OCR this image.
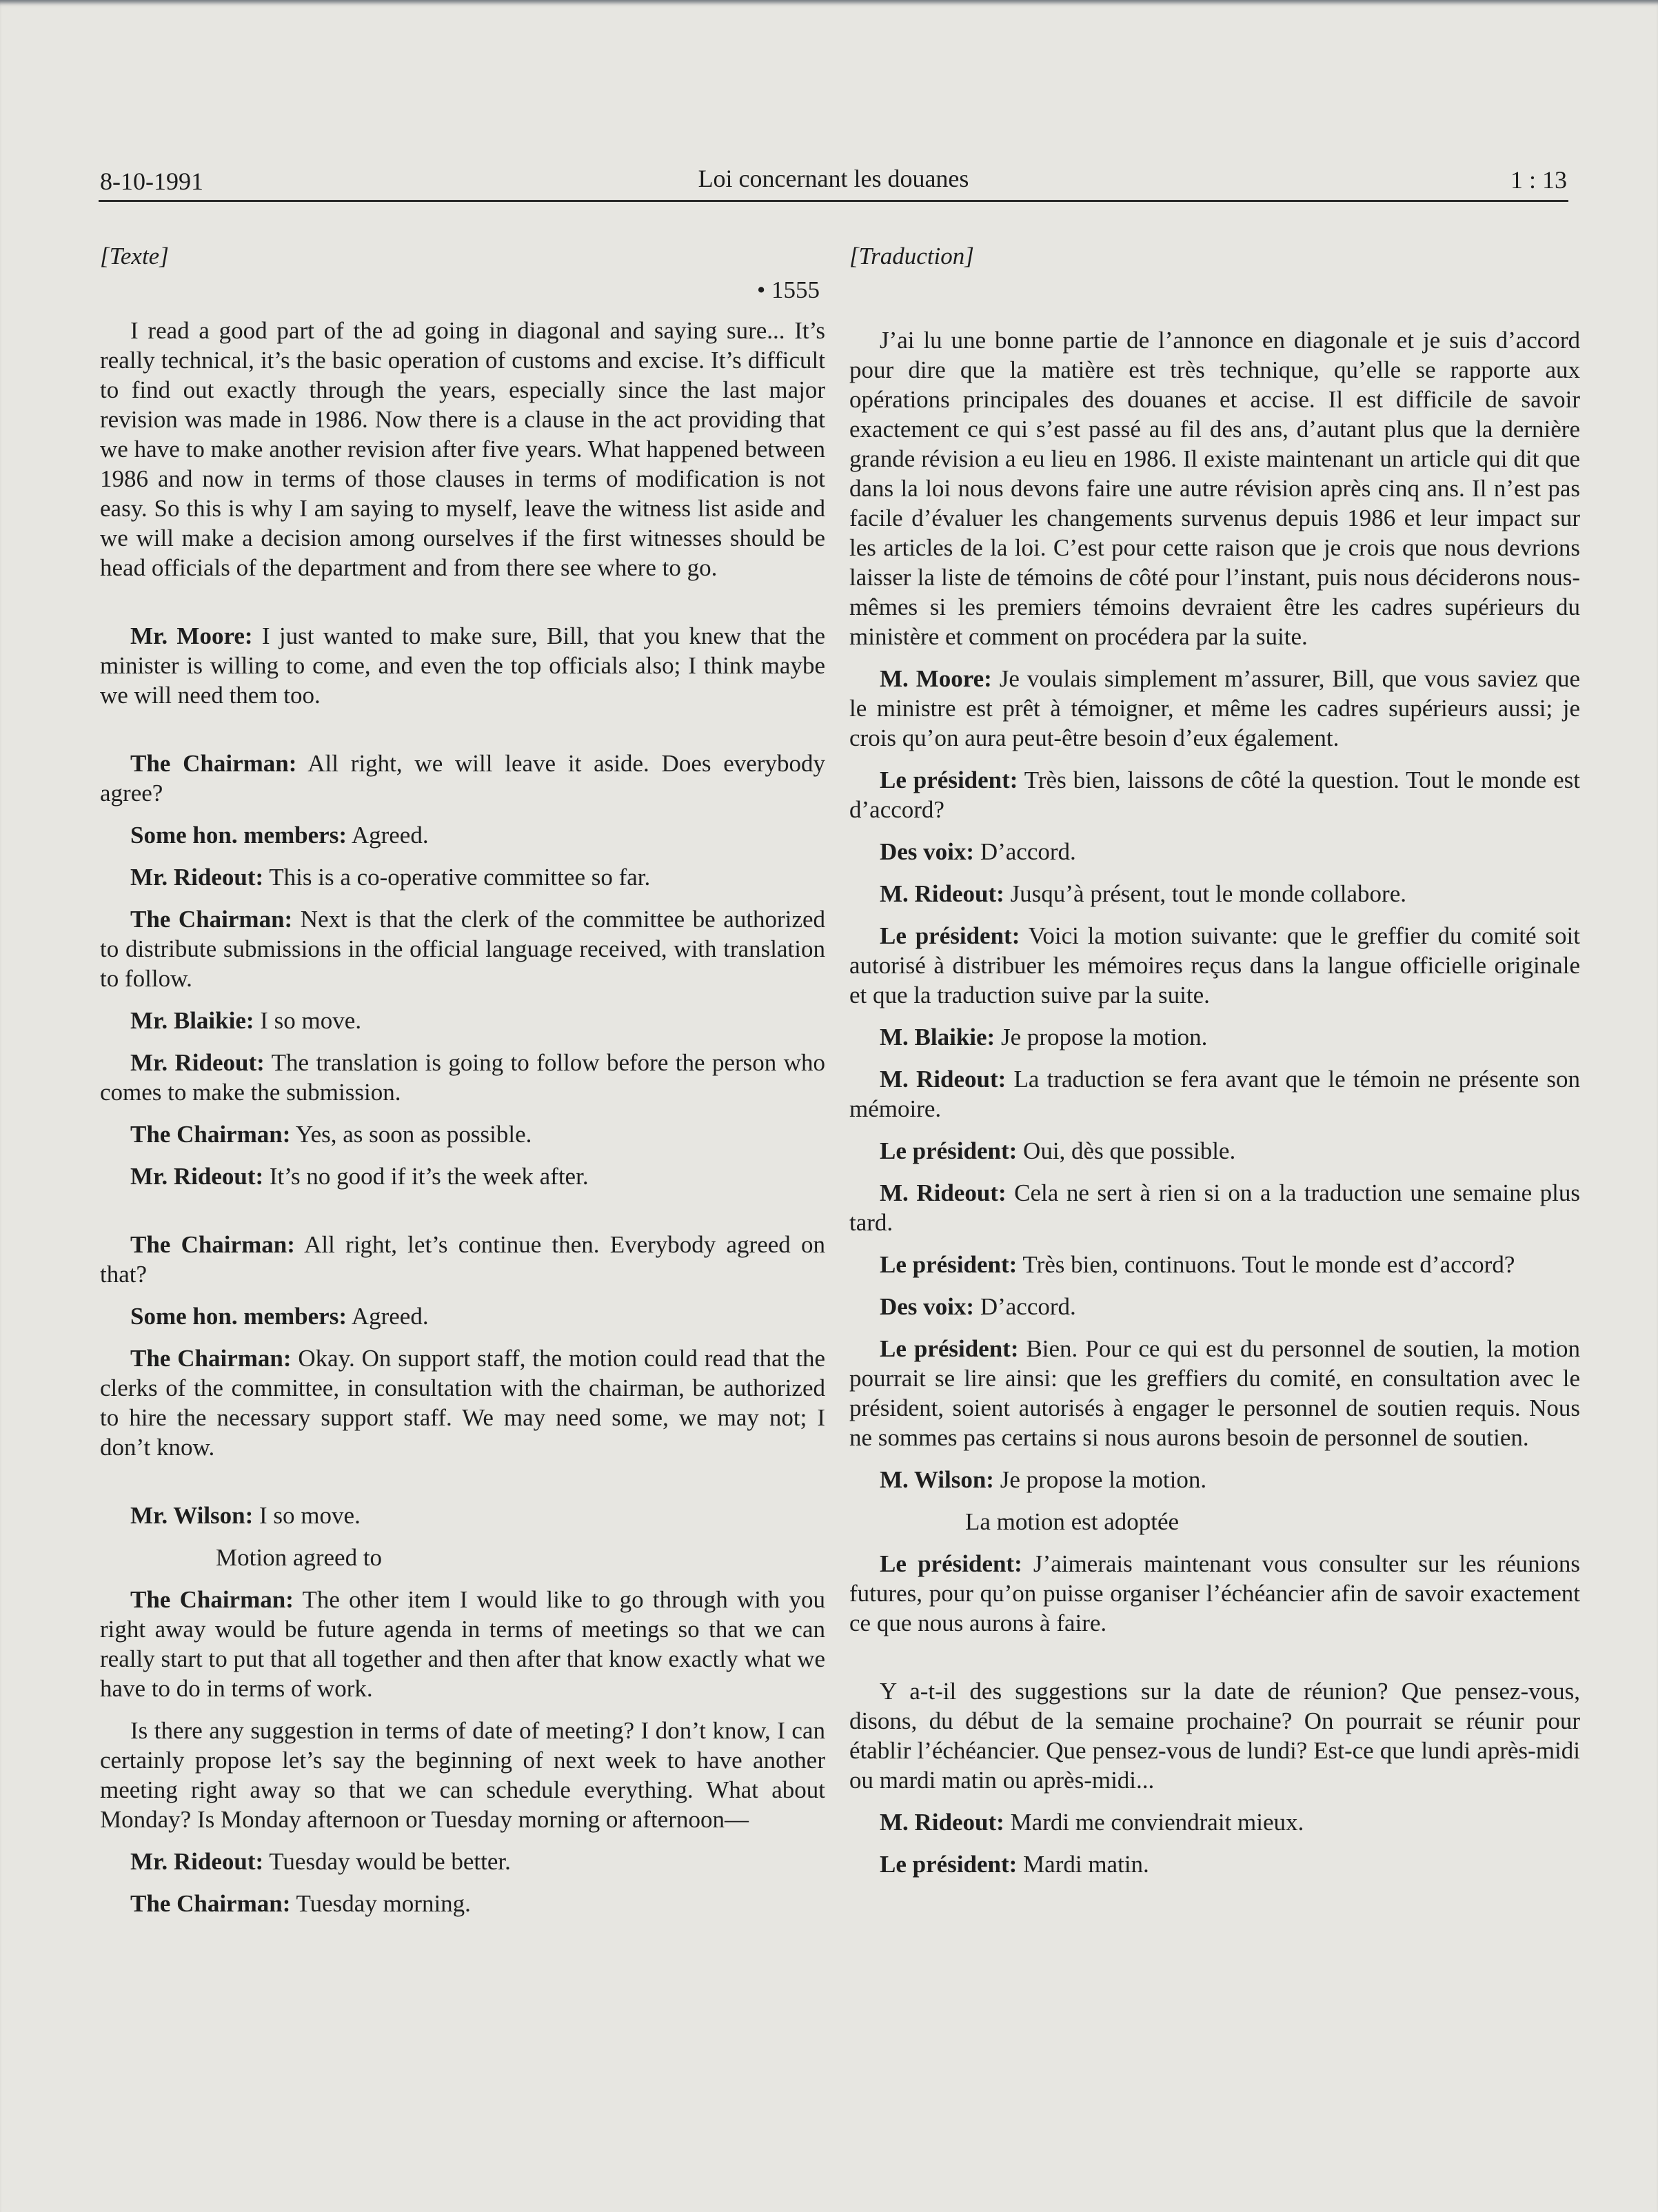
8-10-1991	Loi concernant les douanes	1 : 13
[Texte]
• 1555

I read a good part of the ad going in diagonal and saying sure... It’s really technical, it’s the basic operation of customs and excise. It’s difficult to find out exactly through the years, especially since the last major revision was made in 1986. Now there is a clause in the act providing that we have to make another revision after five years. What happened between 1986 and now in terms of those clauses in terms of modification is not easy. So this is why I am saying to myself, leave the witness list aside and we will make a decision among ourselves if the first witnesses should be head officials of the department and from there see where to go.

Mr. Moore: I just wanted to make sure, Bill, that you knew that the minister is willing to come, and even the top officials also; I think maybe we will need them too.

The Chairman: All right, we will leave it aside. Does everybody agree?

Some hon. members: Agreed.

Mr. Rideout: This is a co-operative committee so far.

The Chairman: Next is that the clerk of the committee be authorized to distribute submissions in the official language received, with translation to follow.

Mr. Blaikie: I so move.

Mr. Rideout: The translation is going to follow before the person who comes to make the submission.

The Chairman: Yes, as soon as possible.

Mr. Rideout: It’s no good if it’s the week after.

The Chairman: All right, let’s continue then. Everybody agreed on that?

Some hon. members: Agreed.

The Chairman: Okay. On support staff, the motion could read that the clerks of the committee, in consultation with the chairman, be authorized to hire the necessary support staff. We may need some, we may not; I don’t know.

Mr. Wilson: I so move.

Motion agreed to

The Chairman: The other item I would like to go through with you right away would be future agenda in terms of meetings so that we can really start to put that all together and then after that know exactly what we have to do in terms of work.

Is there any suggestion in terms of date of meeting? I don’t know, I can certainly propose let’s say the beginning of next week to have another meeting right away so that we can schedule everything. What about Monday? Is Monday afternoon or Tuesday morning or afternoon—

Mr. Rideout: Tuesday would be better.

The Chairman: Tuesday morning.

[Traduction]

J’ai lu une bonne partie de l’annonce en diagonale et je suis d’accord pour dire que la matière est très technique, qu’elle se rapporte aux opérations principales des douanes et accise. Il est difficile de savoir exactement ce qui s’est passé au fil des ans, d’autant plus que la dernière grande révision a eu lieu en 1986. Il existe maintenant un article qui dit que dans la loi nous devons faire une autre révision après cinq ans. Il n’est pas facile d’évaluer les changements survenus depuis 1986 et leur impact sur les articles de la loi. C’est pour cette raison que je crois que nous devrions laisser la liste de témoins de côté pour l’instant, puis nous déciderons nous-mêmes si les premiers témoins devraient être les cadres supérieurs du ministère et comment on procédera par la suite.

M. Moore: Je voulais simplement m’assurer, Bill, que vous saviez que le ministre est prêt à témoigner, et même les cadres supérieurs aussi; je crois qu’on aura peut-être besoin d’eux également.

Le président: Très bien, laissons de côté la question. Tout le monde est d’accord?

Des voix: D’accord.

M. Rideout: Jusqu’à présent, tout le monde collabore.

Le président: Voici la motion suivante: que le greffier du comité soit autorisé à distribuer les mémoires reçus dans la langue officielle originale et que la traduction suive par la suite.

M. Blaikie: Je propose la motion.

M. Rideout: La traduction se fera avant que le témoin ne présente son mémoire.

Le président: Oui, dès que possible.

M. Rideout: Cela ne sert à rien si on a la traduction une semaine plus tard.

Le président: Très bien, continuons. Tout le monde est d’accord?

Des voix: D’accord.

Le président: Bien. Pour ce qui est du personnel de soutien, la motion pourrait se lire ainsi: que les greffiers du comité, en consultation avec le président, soient autorisés à engager le personnel de soutien requis. Nous ne sommes pas certains si nous aurons besoin de personnel de soutien.

M. Wilson: Je propose la motion.

La motion est adoptée

Le président: J’aimerais maintenant vous consulter sur les réunions futures, pour qu’on puisse organiser l’échéancier afin de savoir exactement ce que nous aurons à faire.

Y a-t-il des suggestions sur la date de réunion? Que pensez-vous, disons, du début de la semaine prochaine? On pourrait se réunir pour établir l’échéancier. Que pensez-vous de lundi? Est-ce que lundi après-midi ou mardi matin ou après-midi...

M. Rideout: Mardi me conviendrait mieux.

Le président: Mardi matin.
